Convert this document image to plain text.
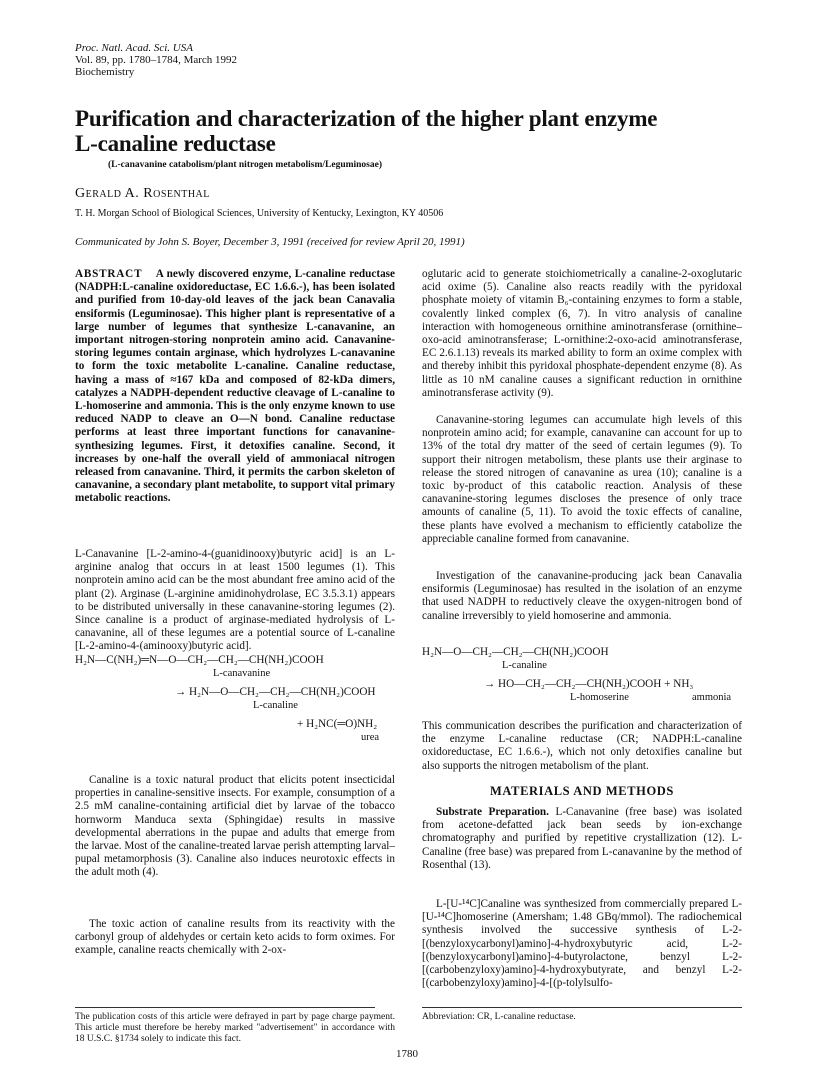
Proc. Natl. Acad. Sci. USA
Vol. 89, pp. 1780–1784, March 1992
Biochemistry
Purification and characterization of the higher plant enzyme
L-canaline reductase
(L-canavanine catabolism/plant nitrogen metabolism/Leguminosae)
Gerald A. Rosenthal
T. H. Morgan School of Biological Sciences, University of Kentucky, Lexington, KY 40506
Communicated by John S. Boyer, December 3, 1991 (received for review April 20, 1991)
ABSTRACT A newly discovered enzyme, L-canaline reductase (NADPH:L-canaline oxidoreductase, EC 1.6.6.-), has been isolated and purified from 10-day-old leaves of the jack bean Canavalia ensiformis (Leguminosae). This higher plant is representative of a large number of legumes that synthesize L-canavanine, an important nitrogen-storing nonprotein amino acid. Canavanine-storing legumes contain arginase, which hydrolyzes L-canavanine to form the toxic metabolite L-canaline. Canaline reductase, having a mass of ≈167 kDa and composed of 82-kDa dimers, catalyzes a NADPH-dependent reductive cleavage of L-canaline to L-homoserine and ammonia. This is the only enzyme known to use reduced NADP to cleave an O—N bond. Canaline reductase performs at least three important functions for canavanine-synthesizing legumes. First, it detoxifies canaline. Second, it increases by one-half the overall yield of ammoniacal nitrogen released from canavanine. Third, it permits the carbon skeleton of canavanine, a secondary plant metabolite, to support vital primary metabolic reactions.

L-Canavanine [L-2-amino-4-(guanidinooxy)butyric acid] is an L-arginine analog that occurs in at least 1500 legumes (1). This nonprotein amino acid can be the most abundant free amino acid of the plant (2). Arginase (L-arginine amidinohydrolase, EC 3.5.3.1) appears to be distributed universally in these canavanine-storing legumes (2). Since canaline is a product of arginase-mediated hydrolysis of L-canavanine, all of these legumes are a potential source of L-canaline [L-2-amino-4-(aminooxy)butyric acid].

H₂N—C(NH₂)═N—O—CH₂—CH₂—CH(NH₂)COOH
L-canavanine
→ H₂N—O—CH₂—CH₂—CH(NH₂)COOH
L-canaline
+ H₂NC(═O)NH₂
urea

Canaline is a toxic natural product that elicits potent insecticidal properties in canaline-sensitive insects. For example, consumption of a 2.5 mM canaline-containing artificial diet by larvae of the tobacco hornworm Manduca sexta (Sphingidae) results in massive developmental aberrations in the pupae and adults that emerge from the larvae. Most of the canaline-treated larvae perish attempting larval–pupal metamorphosis (3). Canaline also induces neurotoxic effects in the adult moth (4).

The toxic action of canaline results from its reactivity with the carbonyl group of aldehydes or certain keto acids to form oximes. For example, canaline reacts chemically with 2-ox-

The publication costs of this article were defrayed in part by page charge payment. This article must therefore be hereby marked "advertisement" in accordance with 18 U.S.C. §1734 solely to indicate this fact.

oglutaric acid to generate stoichiometrically a canaline-2-oxoglutaric acid oxime (5). Canaline also reacts readily with the pyridoxal phosphate moiety of vitamin B₆-containing enzymes to form a stable, covalently linked complex (6, 7). In vitro analysis of canaline interaction with homogeneous ornithine aminotransferase (ornithine–oxo-acid aminotransferase; L-ornithine:2-oxo-acid aminotransferase, EC 2.6.1.13) reveals its marked ability to form an oxime complex with and thereby inhibit this pyridoxal phosphate-dependent enzyme (8). As little as 10 nM canaline causes a significant reduction in ornithine aminotransferase activity (9).

Canavanine-storing legumes can accumulate high levels of this nonprotein amino acid; for example, canavanine can account for up to 13% of the total dry matter of the seed of certain legumes (9). To support their nitrogen metabolism, these plants use their arginase to release the stored nitrogen of canavanine as urea (10); canaline is a toxic by-product of this catabolic reaction. Analysis of these canavanine-storing legumes discloses the presence of only trace amounts of canaline (5, 11). To avoid the toxic effects of canaline, these plants have evolved a mechanism to efficiently catabolize the appreciable canaline formed from canavanine.

Investigation of the canavanine-producing jack bean Canavalia ensiformis (Leguminosae) has resulted in the isolation of an enzyme that used NADPH to reductively cleave the oxygen-nitrogen bond of canaline irreversibly to yield homoserine and ammonia.

H₂N—O—CH₂—CH₂—CH(NH₂)COOH
L-canaline
→ HO—CH₂—CH₂—CH(NH₂)COOH + NH₃
L-homoserine	ammonia

This communication describes the purification and characterization of the enzyme L-canaline reductase (CR; NADPH:L-canaline oxidoreductase, EC 1.6.6.-), which not only detoxifies canaline but also supports the nitrogen metabolism of the plant.

MATERIALS AND METHODS

Substrate Preparation. L-Canavanine (free base) was isolated from acetone-defatted jack bean seeds by ion-exchange chromatography and purified by repetitive crystallization (12). L-Canaline (free base) was prepared from L-canavanine by the method of Rosenthal (13).

L-[U-¹⁴C]Canaline was synthesized from commercially prepared L-[U-¹⁴C]homoserine (Amersham; 1.48 GBq/mmol). The radiochemical synthesis involved the successive synthesis of L-2-[(benzyloxycarbonyl)amino]-4-hydroxybutyric acid, L-2-[(benzyloxycarbonyl)amino]-4-butyrolactone, benzyl L-2-[(carbobenzyloxy)amino]-4-hydroxybutyrate, and benzyl L-2-[(carbobenzyloxy)amino]-4-[(p-tolylsulfo-

Abbreviation: CR, L-canaline reductase.
1780
